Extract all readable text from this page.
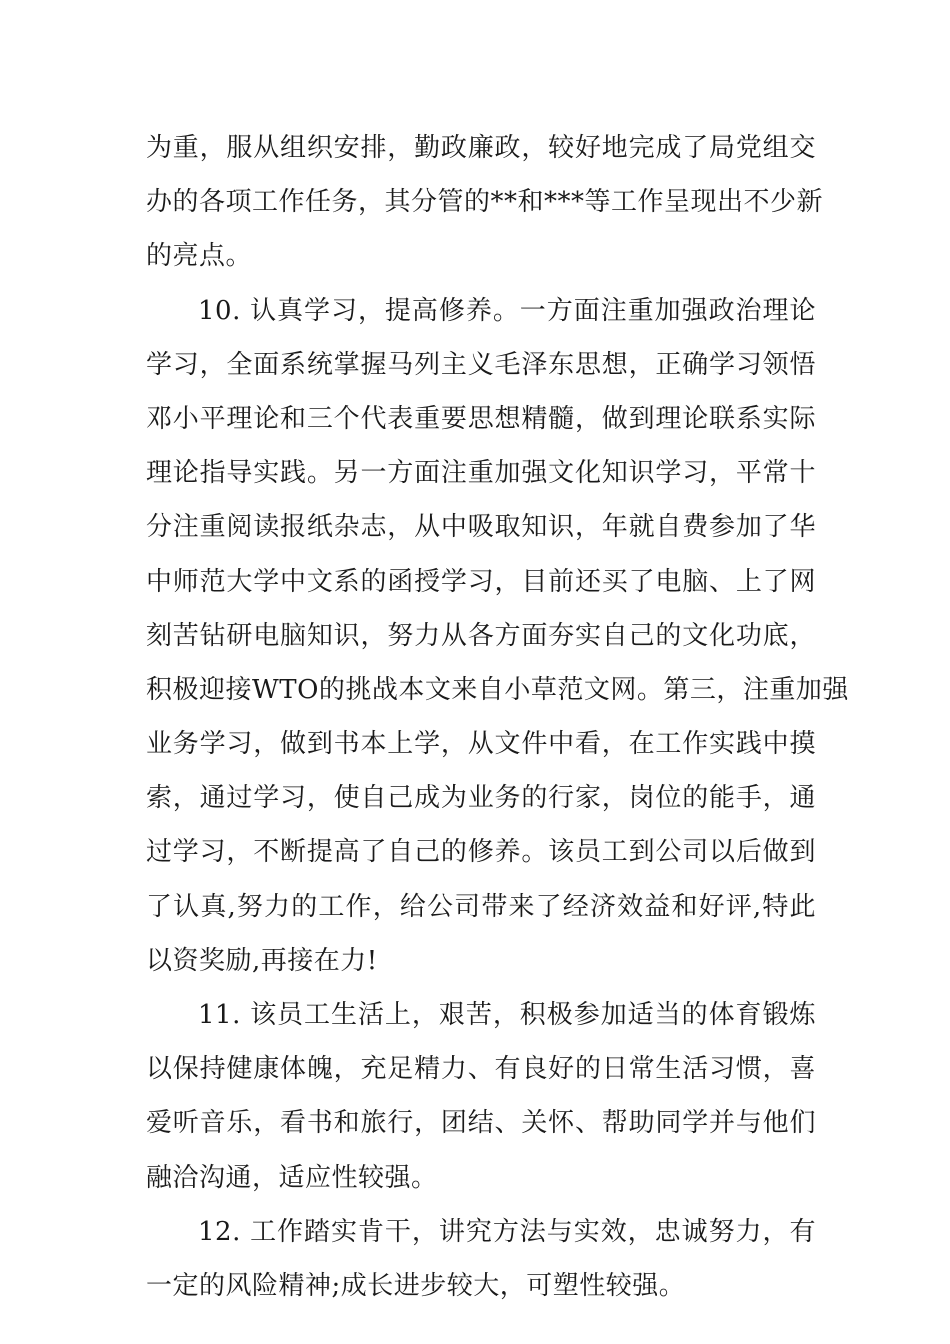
为重，服从组织安排，勤政廉政，较好地完成了局党组交
办的各项工作任务，其分管的**和***等工作呈现出不少新
的亮点。
10. 认真学习，提高修养。一方面注重加强政治理论
学习，全面系统掌握马列主义毛泽东思想，正确学习领悟
邓小平理论和三个代表重要思想精髓，做到理论联系实际
理论指导实践。另一方面注重加强文化知识学习，平常十
分注重阅读报纸杂志，从中吸取知识，年就自费参加了华
中师范大学中文系的函授学习，目前还买了电脑、上了网
刻苦钻研电脑知识，努力从各方面夯实自己的文化功底，
积极迎接WTO的挑战本文来自小草范文网。第三，注重加强
业务学习，做到书本上学，从文件中看，在工作实践中摸
索，通过学习，使自己成为业务的行家，岗位的能手，通
过学习，不断提高了自己的修养。该员工到公司以后做到
了认真,努力的工作，给公司带来了经济效益和好评,特此
以资奖励,再接在力!
11. 该员工生活上，艰苦，积极参加适当的体育锻炼
以保持健康体魄，充足精力、有良好的日常生活习惯，喜
爱听音乐，看书和旅行，团结、关怀、帮助同学并与他们
融洽沟通，适应性较强。
12. 工作踏实肯干，讲究方法与实效，忠诚努力，有
一定的风险精神;成长进步较大，可塑性较强。
